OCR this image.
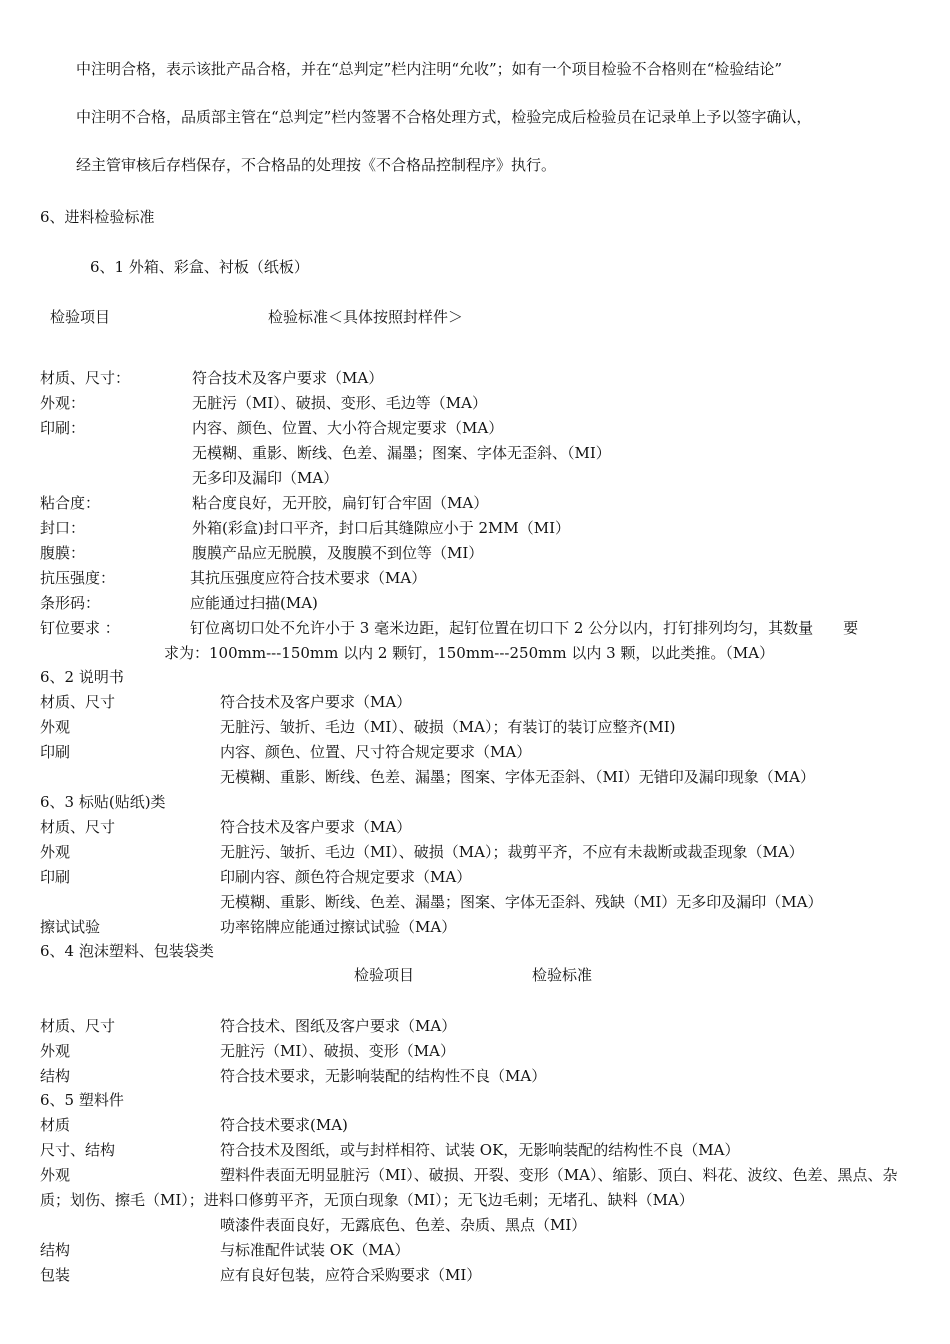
中注明合格，表示该批产品合格，并在“总判定”栏内注明“允收”；如有一个项目检验不合格则在“检验结论”
中注明不合格，品质部主管在“总判定”栏内签署不合格处理方式，检验完成后检验员在记录单上予以签字确认，
经主管审核后存档保存，不合格品的处理按《不合格品控制程序》执行。
6、进料检验标准
6、1 外箱、彩盒、衬板（纸板）
检验项目	检验标准＜具体按照封样件＞
材质、尺寸：	符合技术及客户要求（MA）
外观：	无脏污（MI）、破损、变形、毛边等（MA）
印刷：	内容、颜色、位置、大小符合规定要求（MA）
无模糊、重影、断线、色差、漏墨；图案、字体无歪斜、（MI）
无多印及漏印（MA）
粘合度：	粘合度良好，无开胶，扁钉钉合牢固（MA）
封口：	外箱(彩盒)封口平齐，封口后其缝隙应小于 2MM（MI）
腹膜：	腹膜产品应无脱膜，及腹膜不到位等（MI）
抗压强度：	其抗压强度应符合技术要求（MA）
条形码：	应能通过扫描(MA)
钉位要求 ：	钉位离切口处不允许小于 3 毫米边距，起钉位置在切口下 2 公分以内，打钉排列均匀，其数量　　要
求为：100mm---150mm 以内 2 颗钉，150mm---250mm 以内 3 颗，以此类推。（MA）
6、2 说明书
材质、尺寸	符合技术及客户要求（MA）
外观	无脏污、皱折、毛边（MI）、破损（MA）；有装订的装订应整齐(MI)
印刷	内容、颜色、位置、尺寸符合规定要求（MA）
无模糊、重影、断线、色差、漏墨；图案、字体无歪斜、（MI）无错印及漏印现象（MA）
6、3 标贴(贴纸)类
材质、尺寸	符合技术及客户要求（MA）
外观	无脏污、皱折、毛边（MI）、破损（MA）；裁剪平齐，不应有未裁断或裁歪现象（MA）
印刷	印刷内容、颜色符合规定要求（MA）
无模糊、重影、断线、色差、漏墨；图案、字体无歪斜、残缺（MI）无多印及漏印（MA）
擦试试验	功率铭牌应能通过擦试试验（MA）
6、4 泡沫塑料、包装袋类
检验项目	检验标准
材质、尺寸	符合技术、图纸及客户要求（MA）
外观	无脏污（MI）、破损、变形（MA）
结构	符合技术要求，无影响装配的结构性不良（MA）
6、5 塑料件
材质	符合技术要求(MA)
尺寸、结构	符合技术及图纸，或与封样相符、试装 OK，无影响装配的结构性不良（MA）
外观	塑料件表面无明显脏污（MI）、破损、开裂、变形（MA）、缩影、顶白、料花、波纹、色差、黑点、杂
质；划伤、擦毛（MI）；进料口修剪平齐，无顶白现象（MI）；无飞边毛刺；无堵孔、缺料（MA）
喷漆件表面良好，无露底色、色差、杂质、黑点（MI）
结构	与标准配件试装 OK（MA）
包装	应有良好包装，应符合采购要求（MI）
